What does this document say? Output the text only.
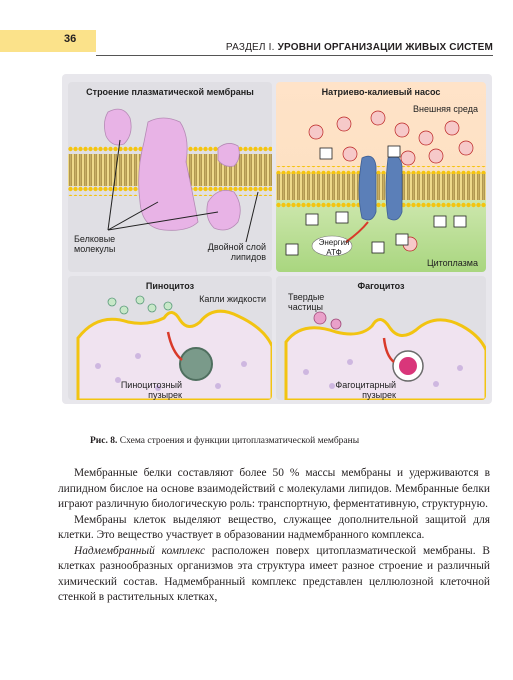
36
РАЗДЕЛ I. УРОВНИ ОРГАНИЗАЦИИ ЖИВЫХ СИСТЕМ
Строение плазматической мембраны
Белковые молекулы	Двойной слой липидов
Натриево-калиевый насос
Внешняя среда
Энергия АТФ
Цитоплазма
Пиноцитоз
Капли жидкости
Пиноцитозный пузырек
Фагоцитоз
Твердые частицы
Фагоцитарный пузырек
Рис. 8. Схема строения и функции цитоплазматической мембраны

Мембранные белки составляют более 50 % массы мембраны и удерживаются в липидном бислое на основе взаимодействий с молекулами липидов. Мембранные белки играют различную биологическую роль: транспортную, ферментативную, структурную.

Мембраны клеток выделяют вещество, служащее дополнительной защитой для клетки. Это вещество участвует в образовании надмембранного комплекса.

Надмембранный комплекс расположен поверх цитоплазматической мембраны. В клетках разнообразных организмов эта структура имеет разное строение и различный химический состав. Надмембранный комплекс представлен целлюлозной клеточной стенкой в растительных клетках,
